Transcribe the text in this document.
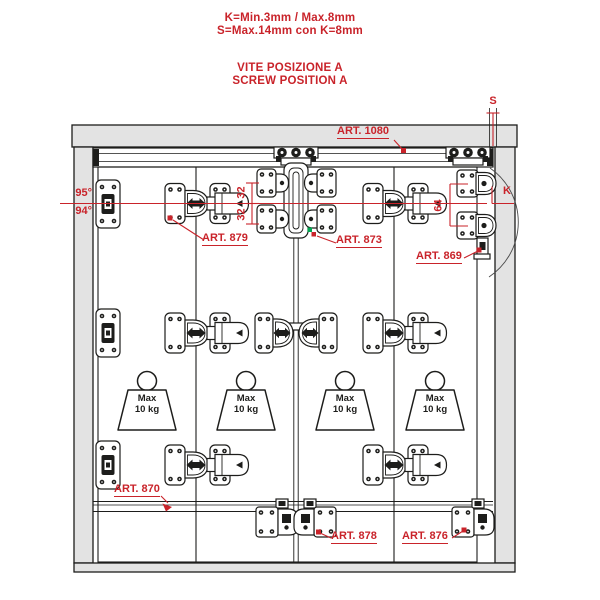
K=Min.3mm / Max.8mm
S=Max.14mm con K=8mm
VITE POSIZIONE A
SCREW POSITION A
ART. 1080
ART. 879	ART. 873
ART. 869
ART. 870
ART. 878 ART. 876
95°
94°
32
32
64
S
K
Max
10 kg
Max
10 kg
Max
10 kg
Max
10 kg
